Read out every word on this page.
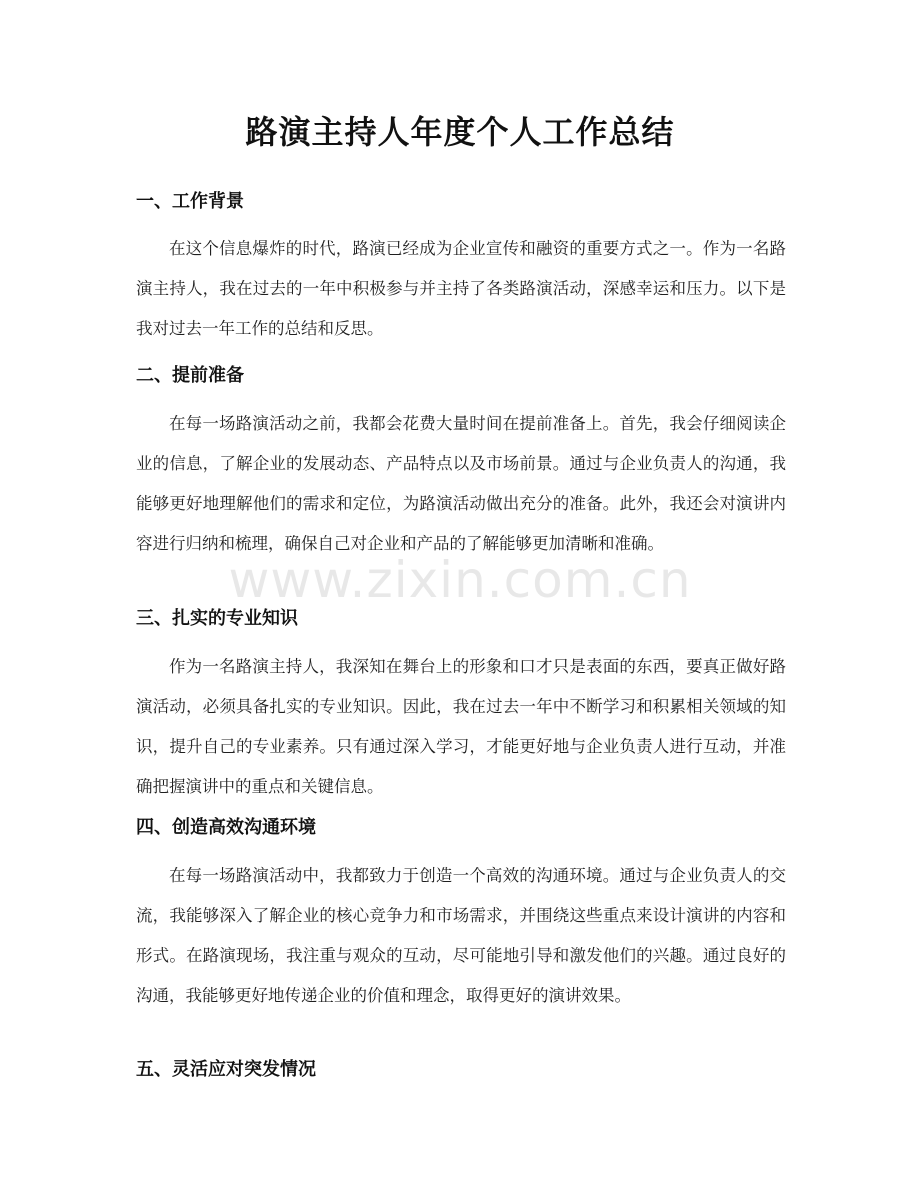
路演主持人年度个人工作总结
一、工作背景

在这个信息爆炸的时代，路演已经成为企业宣传和融资的重要方式之一。作为一名路演主持人，我在过去的一年中积极参与并主持了各类路演活动，深感幸运和压力。以下是我对过去一年工作的总结和反思。

二、提前准备

在每一场路演活动之前，我都会花费大量时间在提前准备上。首先，我会仔细阅读企业的信息，了解企业的发展动态、产品特点以及市场前景。通过与企业负责人的沟通，我能够更好地理解他们的需求和定位，为路演活动做出充分的准备。此外，我还会对演讲内容进行归纳和梳理，确保自己对企业和产品的了解能够更加清晰和准确。

三、扎实的专业知识

作为一名路演主持人，我深知在舞台上的形象和口才只是表面的东西，要真正做好路演活动，必须具备扎实的专业知识。因此，我在过去一年中不断学习和积累相关领域的知识，提升自己的专业素养。只有通过深入学习，才能更好地与企业负责人进行互动，并准确把握演讲中的重点和关键信息。

四、创造高效沟通环境

在每一场路演活动中，我都致力于创造一个高效的沟通环境。通过与企业负责人的交流，我能够深入了解企业的核心竞争力和市场需求，并围绕这些重点来设计演讲的内容和形式。在路演现场，我注重与观众的互动，尽可能地引导和激发他们的兴趣。通过良好的沟通，我能够更好地传递企业的价值和理念，取得更好的演讲效果。

五、灵活应对突发情况
www.zixin.com.cn
